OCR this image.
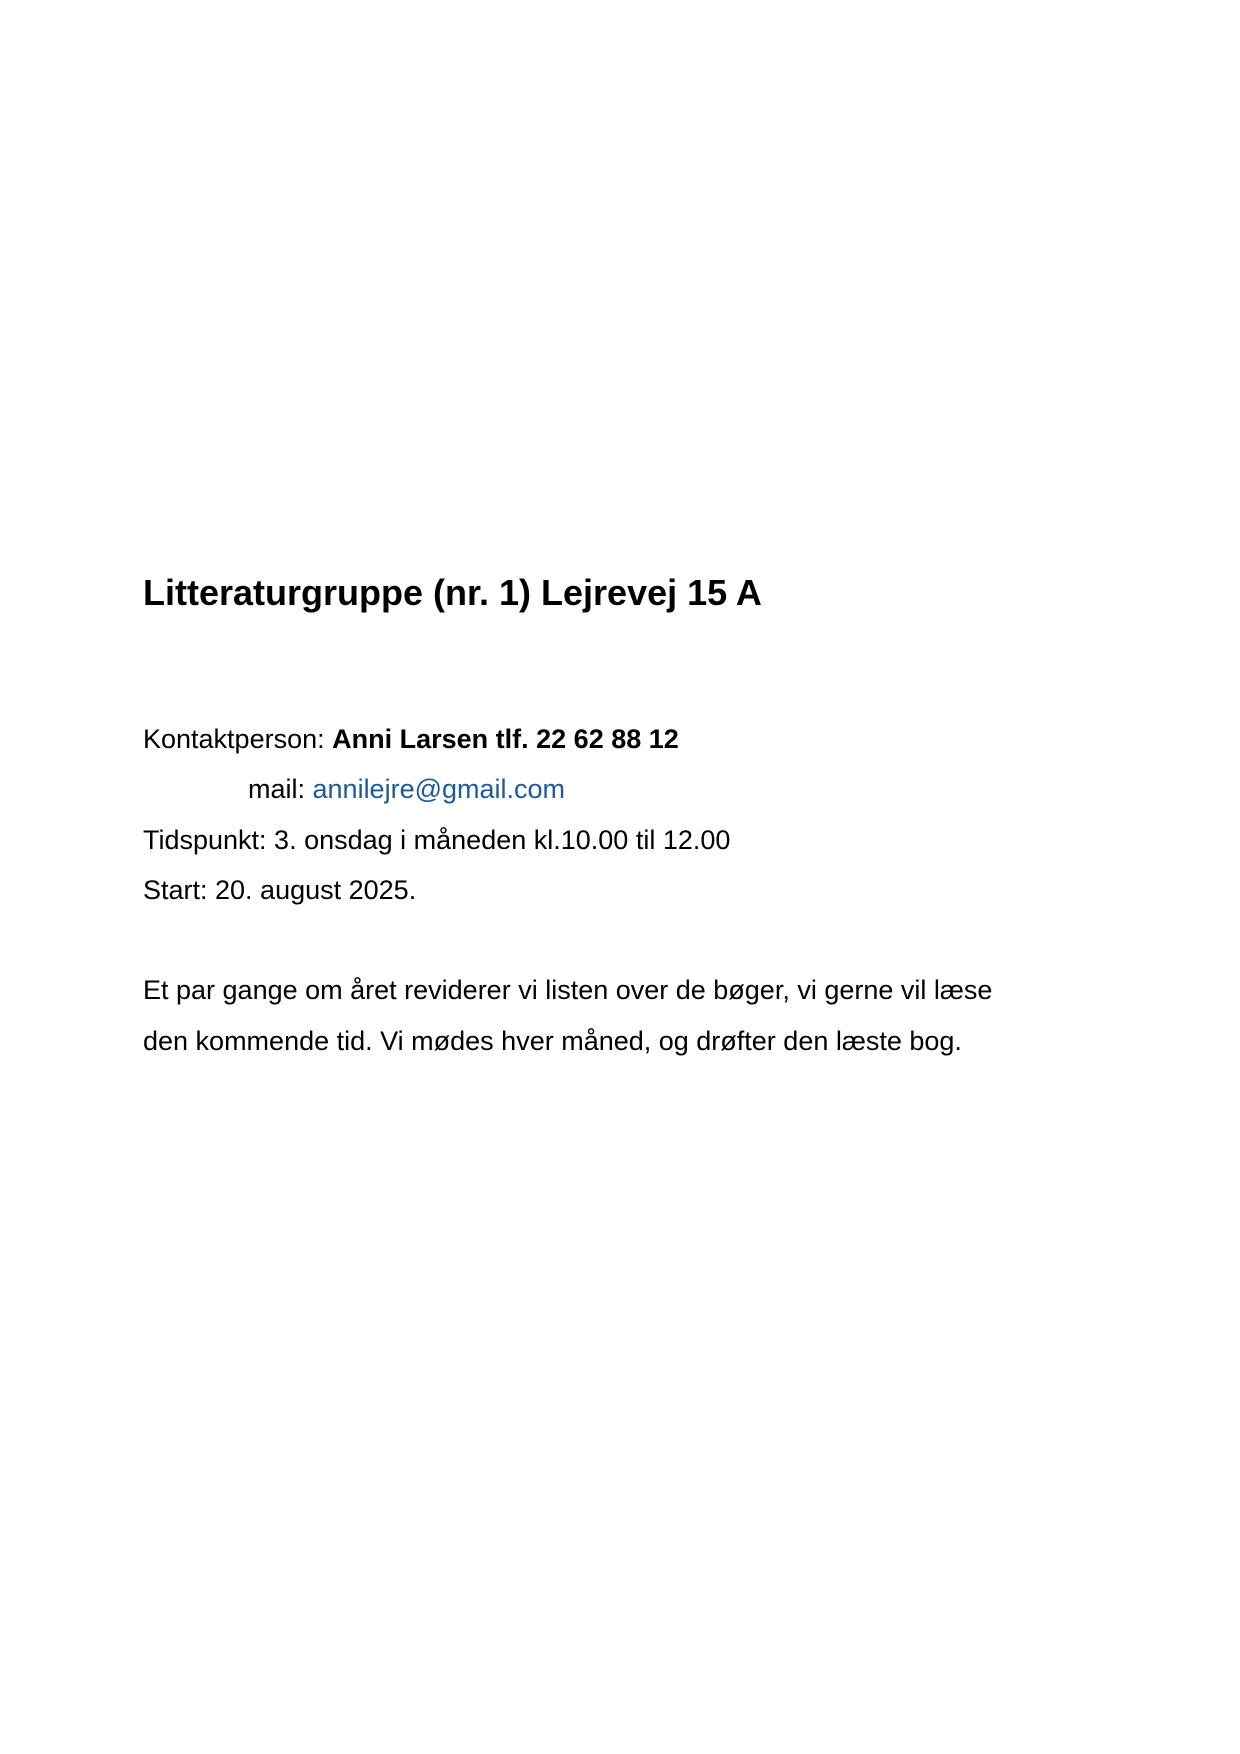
Litteraturgruppe (nr. 1) Lejrevej 15 A

Kontaktperson: Anni Larsen tlf. 22 62 88 12

mail: annilejre@gmail.com

Tidspunkt: 3. onsdag i måneden kl.10.00 til 12.00

Start: 20. august 2025.

Et par gange om året reviderer vi listen over de bøger, vi gerne vil læse

den kommende tid. Vi mødes hver måned, og drøfter den læste bog.
